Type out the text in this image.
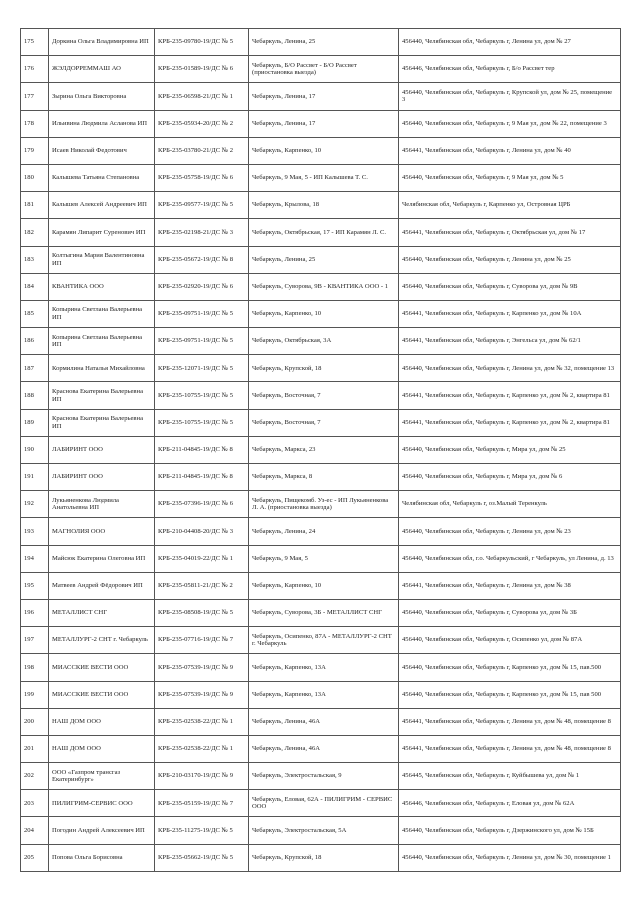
175	Доркина Ольга Владимировна ИП	КРБ-235-09780-19/ДС № 5	Чебаркуль, Ленина, 25	456440, Челябинская обл, Чебаркуль г, Ленина ул, дом № 27
176	ЖЭЛДОРРЕММАШ АО	КРБ-235-01589-19/ДС № 6	Чебаркуль, Б/О Рассвет - Б/О Рассвет (приостановка выезда)	456446, Челябинская обл, Чебаркуль г, Б/о Рассвет тер
177	Зырина Ольга Викторовна	КРБ-235-06598-21/ДС № 1	Чебаркуль, Ленина, 17	456440, Челябинская обл, Чебаркуль г, Крупской ул, дом № 25, помещение 3
178	Ильивина Людмила Асланова ИП	КРБ-235-05934-20/ДС № 2	Чебаркуль, Ленина, 17	456440, Челябинская обл, Чебаркуль г, 9 Мая ул, дом № 22, помещение 3
179	Исаев Николай Федотович	КРБ-235-03780-21/ДС № 2	Чебаркуль, Карпенко, 10	456441, Челябинская обл, Чебаркуль г, Ленина ул, дом № 40
180	Калышева Татьяна Степановна	КРБ-235-05758-19/ДС № 6	Чебаркуль, 9 Мая, 5 - ИП Калышева Т. С.	456440, Челябинская обл, Чебаркуль г, 9 Мая ул, дом № 5
181	Калышев Алексей Андреевич ИП	КРБ-235-09577-19/ДС № 5	Чебаркуль, Крылова, 18	Челябинская обл, Чебаркуль г, Карпенко ул, Островная ЦРБ
182	Карамян Липарит Суренович ИП	КРБ-235-02198-21/ДС № 3	Чебаркуль, Октябрьская, 17 - ИП Карамян Л. С.	456441, Челябинская обл, Чебаркуль г, Октябрьская ул, дом № 17
183	Колтыгина Мария Валентиновна ИП	КРБ-235-05672-19/ДС № 8	Чебаркуль, Ленина, 25	456440, Челябинская обл, Чебаркуль г, Ленина ул, дом № 25
184	КВАНТИКА ООО	КРБ-235-02920-19/ДС № 6	Чебаркуль, Суворова, 9В - КВАНТИКА ООО - 1	456440, Челябинская обл, Чебаркуль г, Суворова ул, дом № 9В
185	Копырина Светлана Валерьевна ИП	КРБ-235-09751-19/ДС № 5	Чебаркуль, Карпенко, 10	456441, Челябинская обл, Чебаркуль г, Карпенко ул, дом № 10А
186	Копырина Светлана Валерьевна ИП	КРБ-235-09751-19/ДС № 5	Чебаркуль, Октябрьская, 3А	456441, Челябинская обл, Чебаркуль г, Энгельса ул, дом № 62/1
187	Кормилина Наталья Михайловна	КРБ-235-12071-19/ДС № 5	Чебаркуль, Крупской, 18	456440, Челябинская обл, Чебаркуль г, Ленина ул, дом № 32, помещение 13
188	Краснова Екатерина Валерьевна ИП	КРБ-235-10755-19/ДС № 5	Чебаркуль, Восточная, 7	456441, Челябинская обл, Чебаркуль г, Карпенко ул, дом № 2, квартира 81
189	Краснова Екатерина Валерьевна ИП	КРБ-235-10755-19/ДС № 5	Чебаркуль, Восточная, 7	456441, Челябинская обл, Чебаркуль г, Карпенко ул, дом № 2, квартира 81
190	ЛАБИРИНТ ООО	КРБ-211-04845-19/ДС № 8	Чебаркуль, Маркса, 23	456440, Челябинская обл, Чебаркуль г, Мира ул, дом № 25
191	ЛАБИРИНТ ООО	КРБ-211-04845-19/ДС № 8	Чебаркуль, Маркса, 8	456440, Челябинская обл, Чебаркуль г, Мира ул, дом № 6
192	Лукьяненкова Людмила Анатольевна ИП	КРБ-235-07396-19/ДС № 6	Чебаркуль, Пищекомб. Уз-ес - ИП Лукьяненкова Л. А. (приостановка выезда)	Челябинская обл, Чебаркуль г, оз.Малый Теренкуль
193	МАГНОЛИЯ ООО	КРБ-210-04408-20/ДС № 3	Чебаркуль, Ленина, 24	456440, Челябинская обл, Чебаркуль г, Ленина ул, дом № 23
194	Майсюк Екатерина Олеговна ИП	КРБ-235-04019-22/ДС № 1	Чебаркуль, 9 Мая, 5	456440, Челябинская обл, г.о. Чебаркульский, г Чебаркуль, ул Ленина, д. 13
195	Матвеев Андрей Фёдорович ИП	КРБ-235-05811-21/ДС № 2	Чебаркуль, Карпенко, 10	456441, Челябинская обл, Чебаркуль г, Ленина ул, дом № 38
196	МЕТАЛЛИСТ СНГ	КРБ-235-08508-19/ДС № 5	Чебаркуль, Суворова, 3Б - МЕТАЛЛИСТ СНГ	456440, Челябинская обл, Чебаркуль г, Суворова ул, дом № 3Б
197	МЕТАЛЛУРГ-2 СНТ г. Чебаркуль	КРБ-235-07716-19/ДС № 7	Чебаркуль, Осипенко, 87А - МЕТАЛЛУРГ-2 СНТ г. Чебаркуль	456440, Челябинская обл, Чебаркуль г, Осипенко ул, дом № 87А
198	МИАССКИЕ ВЕСТИ ООО	КРБ-235-07539-19/ДС № 9	Чебаркуль, Карпенко, 13А	456440, Челябинская обл, Чебаркуль г, Карпенко ул, дом № 15, пав.500
199	МИАССКИЕ ВЕСТИ ООО	КРБ-235-07539-19/ДС № 9	Чебаркуль, Карпенко, 13А	456440, Челябинская обл, Чебаркуль г, Карпенко ул, дом № 15, пав 500
200	НАШ ДОМ ООО	КРБ-235-02538-22/ДС № 1	Чебаркуль, Ленина, 46А	456441, Челябинская обл, Чебаркуль г, Ленина ул, дом № 48, помещение 8
201	НАШ ДОМ ООО	КРБ-235-02538-22/ДС № 1	Чебаркуль, Ленина, 46А	456441, Челябинская обл, Чебаркуль г, Ленина ул, дом № 48, помещение 8
202	ООО «Газпром трансгаз Екатеринбург»	КРБ-210-03170-19/ДС № 9	Чебаркуль, Электростальская, 9	456445, Челябинская обл, Чебаркуль г, Куйбышева ул, дом № 1
203	ПИЛИГРИМ-СЕРВИС ООО	КРБ-235-05159-19/ДС № 7	Чебаркуль, Еловая, 62А - ПИЛИГРИМ - СЕРВИС ООО	456446, Челябинская обл, Чебаркуль г, Еловая ул, дом № 62А
204	Погодин Андрей Алексеевич ИП	КРБ-235-11275-19/ДС № 5	Чебаркуль, Электростальская, 5А	456440, Челябинская обл, Чебаркуль г, Дзержинского ул, дом № 15Б
205	Попова Ольга Борисовна	КРБ-235-05662-19/ДС № 5	Чебаркуль, Крупской, 18	456440, Челябинская обл, Чебаркуль г, Ленина ул, дом № 30, помещение 1
